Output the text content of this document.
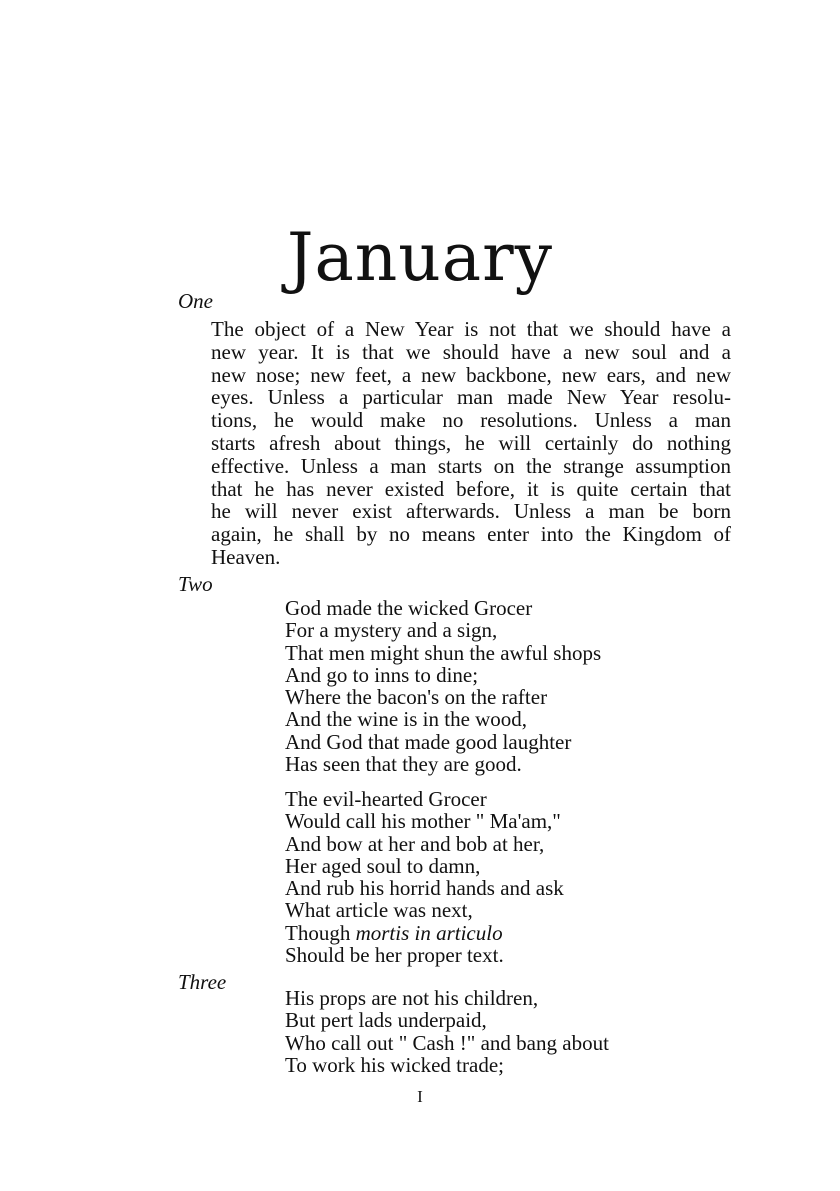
January
One
The object of a New Year is not that we should have a
new year. It is that we should have a new soul and a
new nose; new feet, a new backbone, new ears, and new
eyes. Unless a particular man made New Year resolu-
tions, he would make no resolutions. Unless a man
starts afresh about things, he will certainly do nothing
effective. Unless a man starts on the strange assumption
that he has never existed before, it is quite certain that
he will never exist afterwards. Unless a man be born
again, he shall by no means enter into the Kingdom of
Heaven.
Two
God made the wicked Grocer
For a mystery and a sign,
That men might shun the awful shops
And go to inns to dine;
Where the bacon's on the rafter
And the wine is in the wood,
And God that made good laughter
Has seen that they are good.
The evil-hearted Grocer
Would call his mother " Ma'am,"
And bow at her and bob at her,
Her aged soul to damn,
And rub his horrid hands and ask
What article was next,
Though mortis in articulo
Should be her proper text.
Three
His props are not his children,
But pert lads underpaid,
Who call out " Cash !" and bang about
To work his wicked trade;
I
